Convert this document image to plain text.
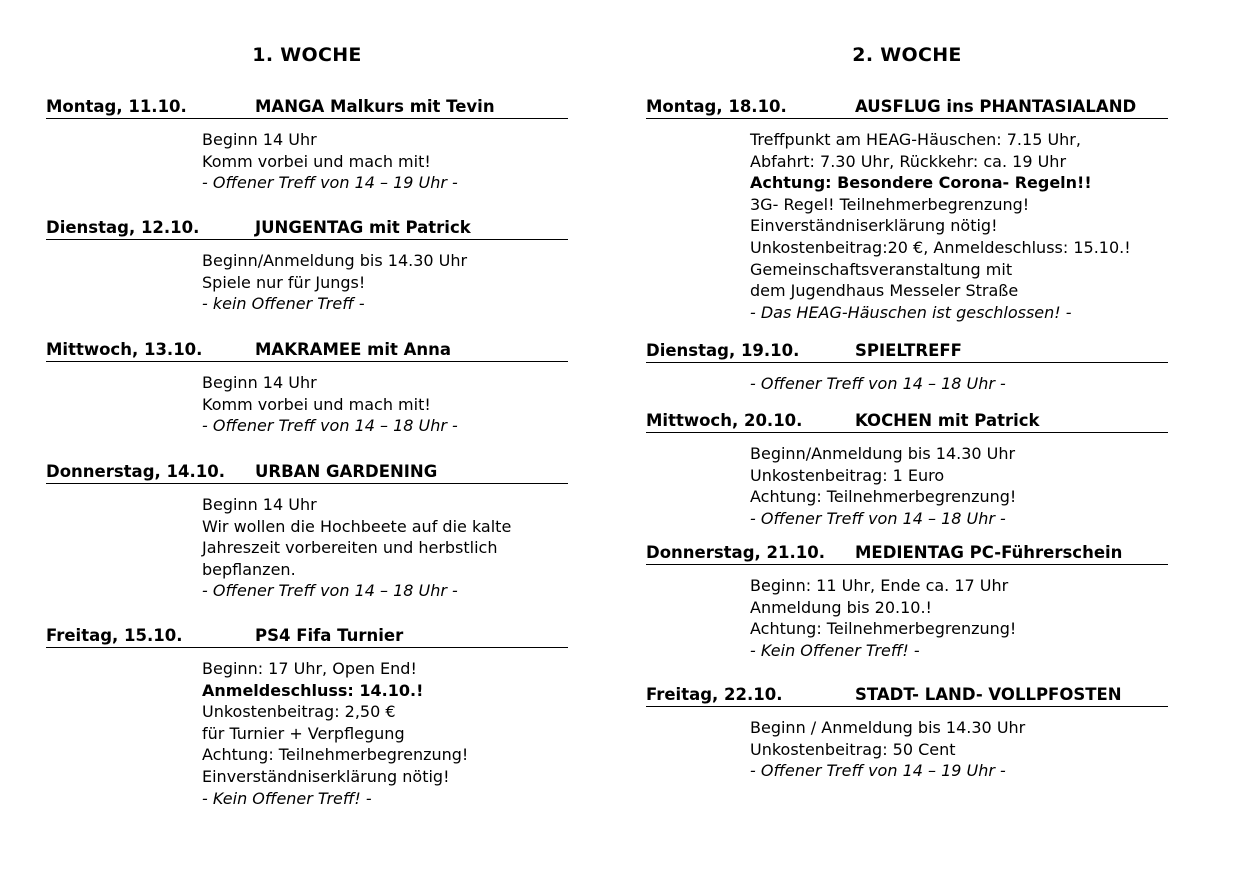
1. WOCHE
Montag, 11.10.	MANGA Malkurs mit Tevin
Beginn 14 Uhr
Komm vorbei und mach mit!
- Offener Treff von 14 – 19 Uhr -
Dienstag, 12.10.	JUNGENTAG mit Patrick
Beginn/Anmeldung bis 14.30 Uhr
Spiele nur für Jungs!
- kein Offener Treff -
Mittwoch, 13.10.	MAKRAMEE mit Anna
Beginn 14 Uhr
Komm vorbei und mach mit!
- Offener Treff von 14 – 18 Uhr -
Donnerstag, 14.10. URBAN GARDENING
Beginn 14 Uhr
Wir wollen die Hochbeete auf die kalte
Jahreszeit vorbereiten und herbstlich
bepflanzen.
- Offener Treff von 14 – 18 Uhr -
Freitag, 15.10.	PS4 Fifa Turnier
Beginn: 17 Uhr, Open End!
Anmeldeschluss: 14.10.!
Unkostenbeitrag: 2,50 €
für Turnier + Verpflegung
Achtung: Teilnehmerbegrenzung!
Einverständniserklärung nötig!
- Kein Offener Treff! -
2. WOCHE
Montag, 18.10.	AUSFLUG ins PHANTASIALAND
Treffpunkt am HEAG-Häuschen: 7.15 Uhr,
Abfahrt: 7.30 Uhr, Rückkehr: ca. 19 Uhr
Achtung: Besondere Corona- Regeln!!
3G- Regel! Teilnehmerbegrenzung!
Einverständniserklärung nötig!
Unkostenbeitrag:20 €, Anmeldeschluss: 15.10.!
Gemeinschaftsveranstaltung mit
dem Jugendhaus Messeler Straße
- Das HEAG-Häuschen ist geschlossen! -
Dienstag, 19.10.	SPIELTREFF
- Offener Treff von 14 – 18 Uhr -
Mittwoch, 20.10.	KOCHEN mit Patrick
Beginn/Anmeldung bis 14.30 Uhr
Unkostenbeitrag: 1 Euro
Achtung: Teilnehmerbegrenzung!
- Offener Treff von 14 – 18 Uhr -
Donnerstag, 21.10. MEDIENTAG PC-Führerschein
Beginn: 11 Uhr, Ende ca. 17 Uhr
Anmeldung bis 20.10.!
Achtung: Teilnehmerbegrenzung!
- Kein Offener Treff! -
Freitag, 22.10.	STADT- LAND- VOLLPFOSTEN
Beginn / Anmeldung bis 14.30 Uhr
Unkostenbeitrag: 50 Cent
- Offener Treff von 14 – 19 Uhr -
